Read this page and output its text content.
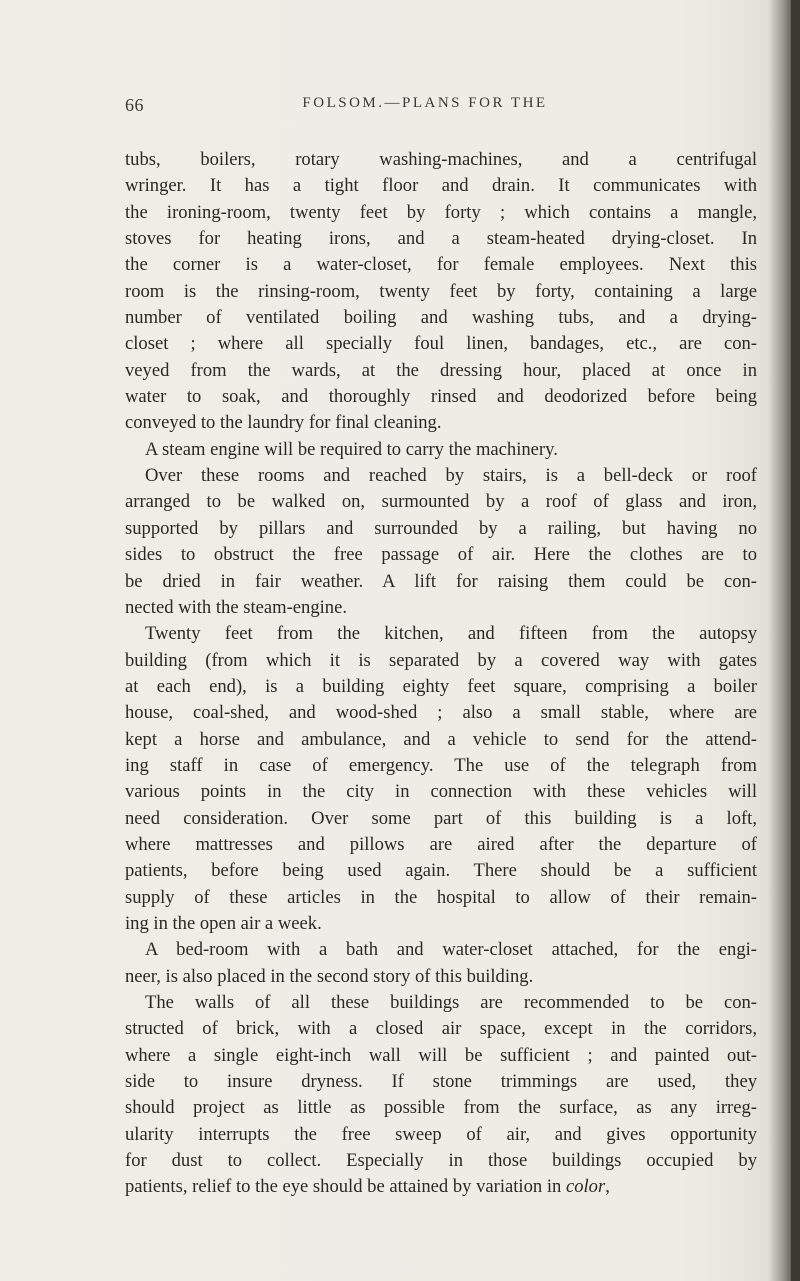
66	FOLSOM.—PLANS FOR THE
tubs, boilers, rotary washing-machines, and a centrifugal
wringer. It has a tight floor and drain. It communicates with
the ironing-room, twenty feet by forty ; which contains a mangle,
stoves for heating irons, and a steam-heated drying-closet. In
the corner is a water-closet, for female employees. Next this
room is the rinsing-room, twenty feet by forty, containing a large
number of ventilated boiling and washing tubs, and a drying-
closet ; where all specially foul linen, bandages, etc., are con-
veyed from the wards, at the dressing hour, placed at once in
water to soak, and thoroughly rinsed and deodorized before being
conveyed to the laundry for final cleaning.
A steam engine will be required to carry the machinery.
Over these rooms and reached by stairs, is a bell-deck or roof
arranged to be walked on, surmounted by a roof of glass and iron,
supported by pillars and surrounded by a railing, but having no
sides to obstruct the free passage of air. Here the clothes are to
be dried in fair weather. A lift for raising them could be con-
nected with the steam-engine.
Twenty feet from the kitchen, and fifteen from the autopsy
building (from which it is separated by a covered way with gates
at each end), is a building eighty feet square, comprising a boiler
house, coal-shed, and wood-shed ; also a small stable, where are
kept a horse and ambulance, and a vehicle to send for the attend-
ing staff in case of emergency. The use of the telegraph from
various points in the city in connection with these vehicles will
need consideration. Over some part of this building is a loft,
where mattresses and pillows are aired after the departure of
patients, before being used again. There should be a sufficient
supply of these articles in the hospital to allow of their remain-
ing in the open air a week.
A bed-room with a bath and water-closet attached, for the engi-
neer, is also placed in the second story of this building.
The walls of all these buildings are recommended to be con-
structed of brick, with a closed air space, except in the corridors,
where a single eight-inch wall will be sufficient ; and painted out-
side to insure dryness. If stone trimmings are used, they
should project as little as possible from the surface, as any irreg-
ularity interrupts the free sweep of air, and gives opportunity
for dust to collect. Especially in those buildings occupied by
patients, relief to the eye should be attained by variation in color,
